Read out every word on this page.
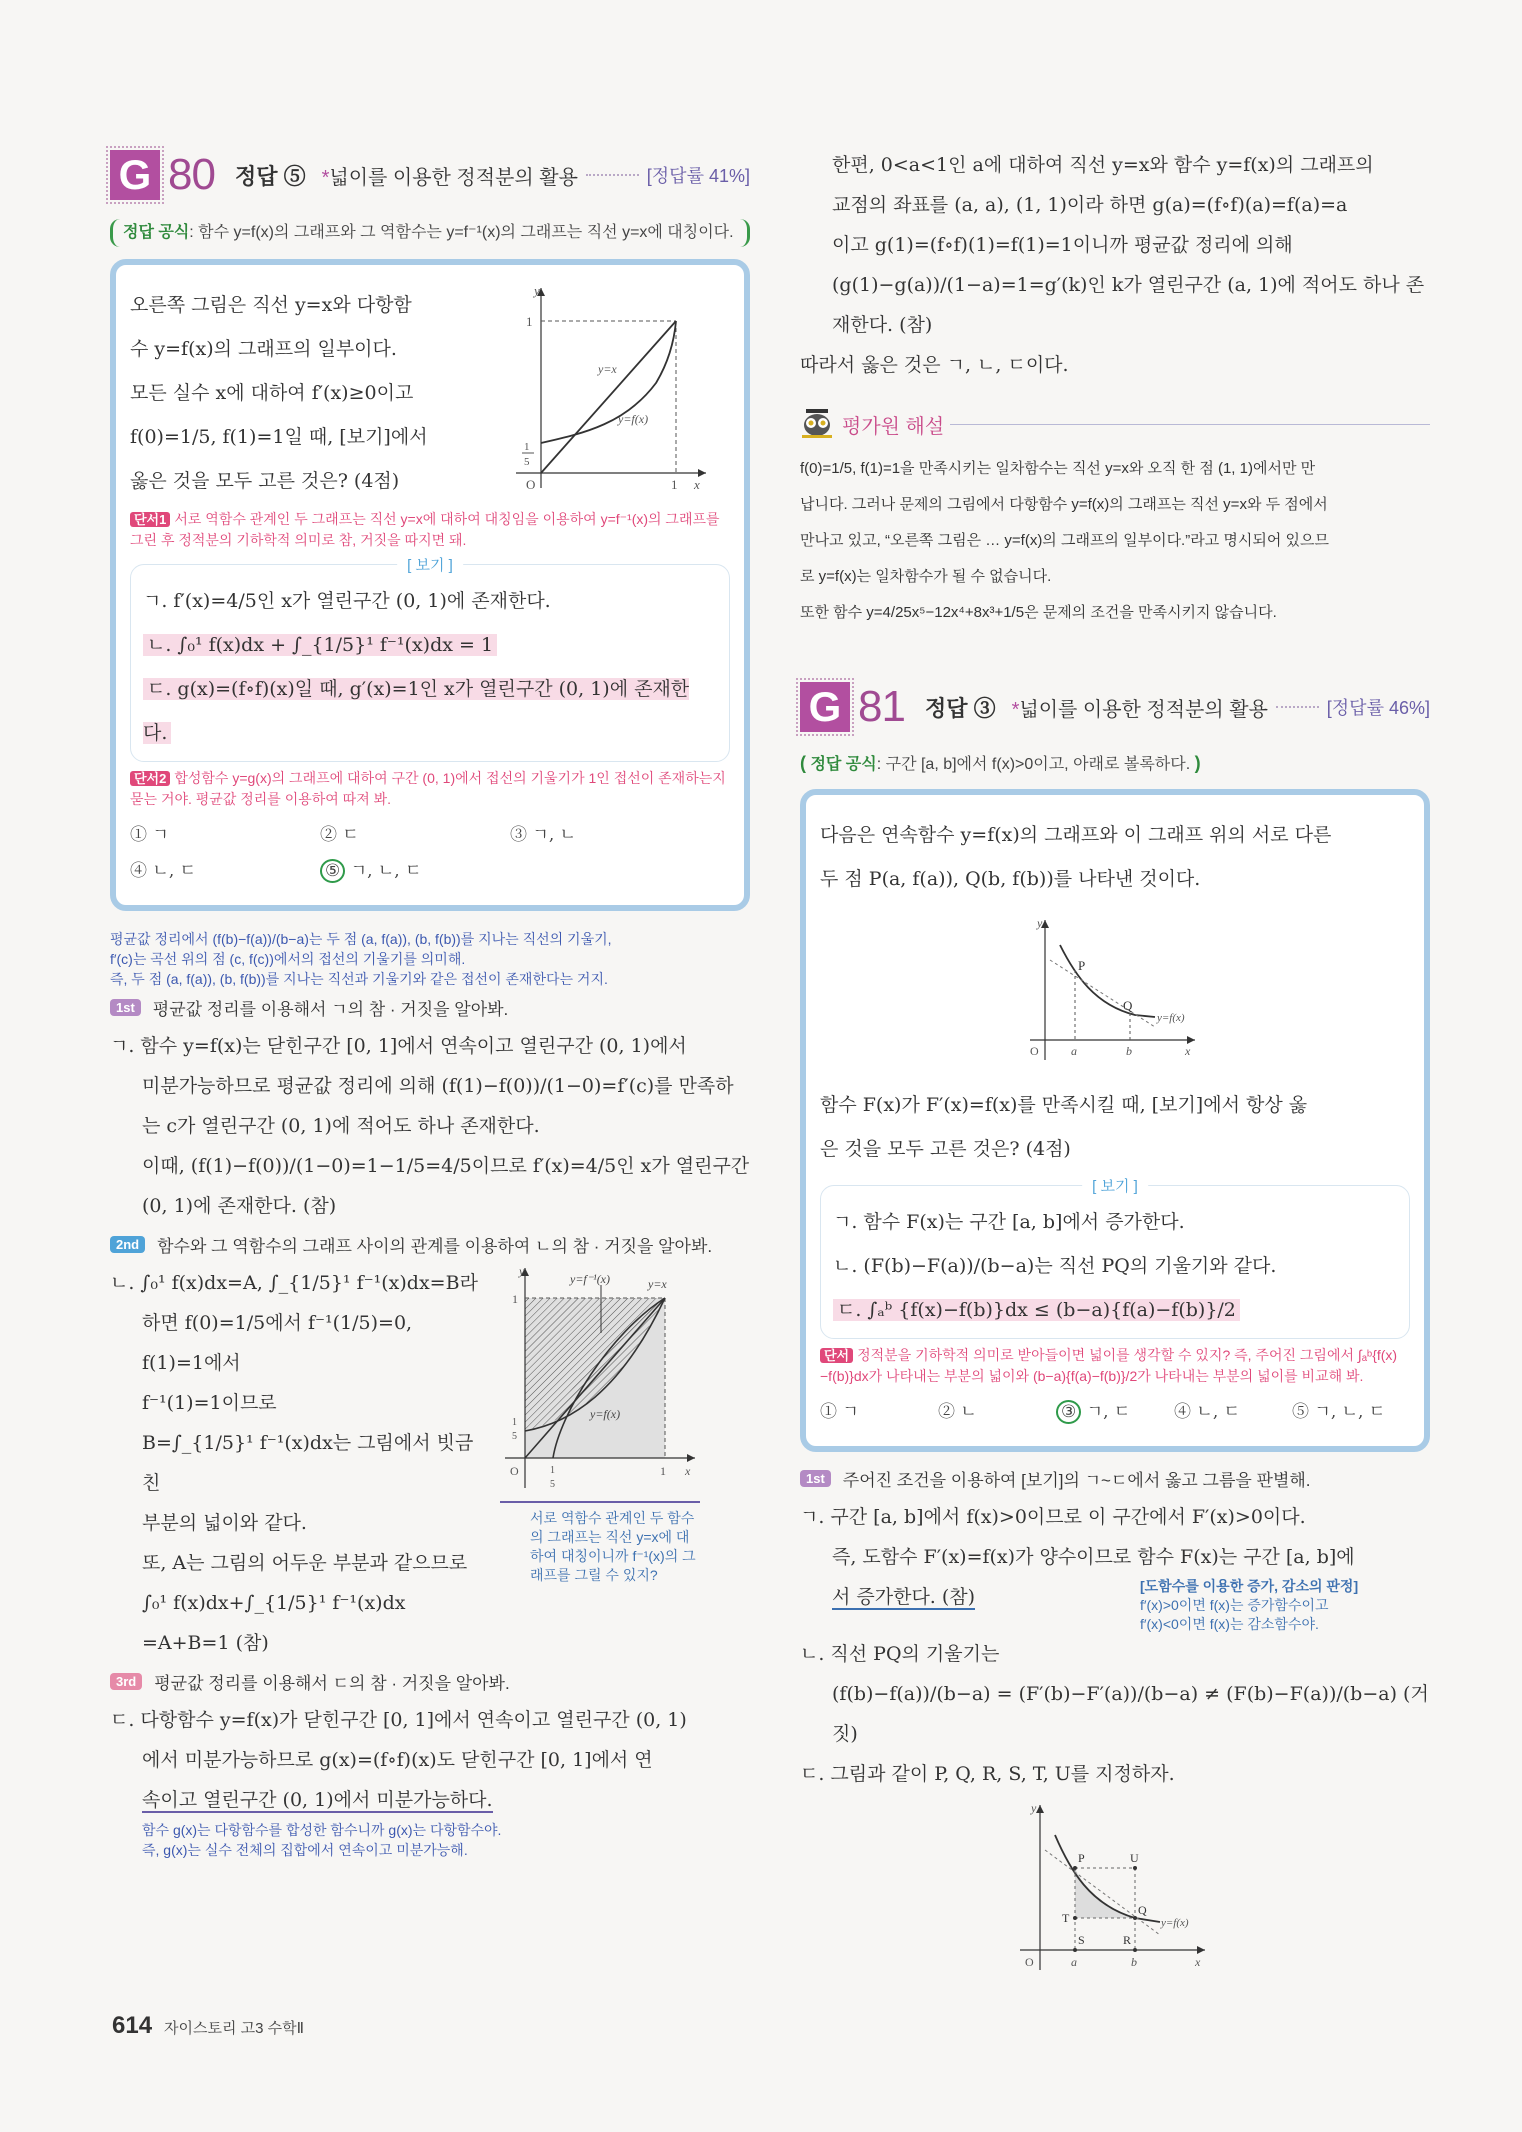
G 80 정답 ⑤ *넓이를 이용한 정적분의 활용	[정답률 41%]
정답 공식: 함수 y=f(x)의 그래프와 그 역함수는 y=f⁻¹(x)의 그래프는 직선 y=x에 대칭이다.
오른쪽 그림은 직선 y=x와 다항함
수 y=f(x)의 그래프의 일부이다.
모든 실수 x에 대하여 f′(x)≥0이고
f(0)=1/5, f(1)=1일 때, [보기]에서
옳은 것을 모두 고른 것은? (4점)
y
x
O
1
1
1
5
y=x
y=f(x)
단서1 서로 역함수 관계인 두 그래프는 직선 y=x에 대하여 대칭임을 이용하여 y=f⁻¹(x)의 그래프를 그린 후 정적분의 기하학적 의미로 참, 거짓을 따지면 돼.
[ 보기 ]
ㄱ. f′(x)=4/5인 x가 열린구간 (0, 1)에 존재한다.
ㄴ. ∫₀¹ f(x)dx + ∫_{1/5}¹ f⁻¹(x)dx = 1
ㄷ. g(x)=(f∘f)(x)일 때, g′(x)=1인 x가 열린구간 (0, 1)에 존재한다.
단서2 합성함수 y=g(x)의 그래프에 대하여 구간 (0, 1)에서 접선의 기울기가 1인 접선이 존재하는지 묻는 거야. 평균값 정리를 이용하여 따져 봐.
① ㄱ	② ㄷ	③ ㄱ, ㄴ
④ ㄴ, ㄷ	⑤ ㄱ, ㄴ, ㄷ
평균값 정리에서 (f(b)−f(a))/(b−a)는 두 점 (a, f(a)), (b, f(b))를 지나는 직선의 기울기,
f′(c)는 곡선 위의 점 (c, f(c))에서의 접선의 기울기를 의미해.
즉, 두 점 (a, f(a)), (b, f(b))를 지나는 직선과 기울기와 같은 접선이 존재한다는 거지.
1st	평균값 정리를 이용해서 ㄱ의 참 · 거짓을 알아봐.
ㄱ. 함수 y=f(x)는 닫힌구간 [0, 1]에서 연속이고 열린구간 (0, 1)에서
미분가능하므로 평균값 정리에 의해 (f(1)−f(0))/(1−0)=f′(c)를 만족하
는 c가 열린구간 (0, 1)에 적어도 하나 존재한다.
이때, (f(1)−f(0))/(1−0)=1−1/5=4/5이므로 f′(x)=4/5인 x가 열린구간
(0, 1)에 존재한다. (참)
2nd	함수와 그 역함수의 그래프 사이의 관계를 이용하여 ㄴ의 참 · 거짓을 알아봐.
ㄴ. ∫₀¹ f(x)dx=A, ∫_{1/5}¹ f⁻¹(x)dx=B라
하면 f(0)=1/5에서 f⁻¹(1/5)=0,
f(1)=1에서
f⁻¹(1)=1이므로
B=∫_{1/5}¹ f⁻¹(x)dx는 그림에서 빗금친
부분의 넓이와 같다.
또, A는 그림의 어두운 부분과 같으므로
∫₀¹ f(x)dx+∫_{1/5}¹ f⁻¹(x)dx
=A+B=1 (참)
y
x
O
1
1
y=f⁻¹(x)	y=x
y=f(x)
1
5
1
5
서로 역함수 관계인 두 함수의 그래프는 직선 y=x에 대하여 대칭이니까 f⁻¹(x)의 그래프를 그릴 수 있지?
3rd	평균값 정리를 이용해서 ㄷ의 참 · 거짓을 알아봐.
ㄷ. 다항함수 y=f(x)가 닫힌구간 [0, 1]에서 연속이고 열린구간 (0, 1)
에서 미분가능하므로 g(x)=(f∘f)(x)도 닫힌구간 [0, 1]에서 연
속이고 열린구간 (0, 1)에서 미분가능하다.
함수 g(x)는 다항함수를 합성한 함수니까 g(x)는 다항함수야.
즉, g(x)는 실수 전체의 집합에서 연속이고 미분가능해.
한편, 0<a<1인 a에 대하여 직선 y=x와 함수 y=f(x)의 그래프의
교점의 좌표를 (a, a), (1, 1)이라 하면 g(a)=(f∘f)(a)=f(a)=a
이고 g(1)=(f∘f)(1)=f(1)=1이니까 평균값 정리에 의해
(g(1)−g(a))/(1−a)=1=g′(k)인 k가 열린구간 (a, 1)에 적어도 하나 존
재한다. (참)
따라서 옳은 것은 ㄱ, ㄴ, ㄷ이다.
평가원 해설
f(0)=1/5, f(1)=1을 만족시키는 일차함수는 직선 y=x와 오직 한 점 (1, 1)에서만 만
납니다. 그러나 문제의 그림에서 다항함수 y=f(x)의 그래프는 직선 y=x와 두 점에서
만나고 있고, “오른쪽 그림은 … y=f(x)의 그래프의 일부이다.”라고 명시되어 있으므
로 y=f(x)는 일차함수가 될 수 없습니다.
또한 함수 y=4/25x⁵−12x⁴+8x³+1/5은 문제의 조건을 만족시키지 않습니다.
G 81 정답 ③ *넓이를 이용한 정적분의 활용	[정답률 46%]
( 정답 공식: 구간 [a, b]에서 f(x)>0이고, 아래로 볼록하다. )
다음은 연속함수 y=f(x)의 그래프와 이 그래프 위의 서로 다른
두 점 P(a, f(a)), Q(b, f(b))를 나타낸 것이다.
y
x
O	a	b
P
Q
y=f(x)
함수 F(x)가 F′(x)=f(x)를 만족시킬 때, [보기]에서 항상 옳
은 것을 모두 고른 것은? (4점)
[ 보기 ]
ㄱ. 함수 F(x)는 구간 [a, b]에서 증가한다.
ㄴ. (F(b)−F(a))/(b−a)는 직선 PQ의 기울기와 같다.
ㄷ. ∫ₐᵇ {f(x)−f(b)}dx ≤ (b−a){f(a)−f(b)}/2
단서 정적분을 기하학적 의미로 받아들이면 넓이를 생각할 수 있지? 즉, 주어진 그림에서 ∫ₐᵇ{f(x)−f(b)}dx가 나타내는 부분의 넓이와 (b−a){f(a)−f(b)}/2가 나타내는 부분의 넓이를 비교해 봐.
① ㄱ	② ㄴ	③ ㄱ, ㄷ	④ ㄴ, ㄷ	⑤ ㄱ, ㄴ, ㄷ
1st	주어진 조건을 이용하여 [보기]의 ㄱ~ㄷ에서 옳고 그름을 판별해.
ㄱ. 구간 [a, b]에서 f(x)>0이므로 이 구간에서 F′(x)>0이다.
즉, 도함수 F′(x)=f(x)가 양수이므로 함수 F(x)는 구간 [a, b]에
서 증가한다. (참)	[도함수를 이용한 증가, 감소의 판정]
f′(x)>0이면 f(x)는 증가함수이고
f′(x)<0이면 f(x)는 감소함수야.
ㄴ. 직선 PQ의 기울기는
(f(b)−f(a))/(b−a) = (F′(b)−F′(a))/(b−a) ≠ (F(b)−F(a))/(b−a) (거짓)
ㄷ. 그림과 같이 P, Q, R, S, T, U를 지정하자.
y
x
O	a	b
P	U
Q
T
S	R
y=f(x)
614 자이스토리 고3 수학Ⅱ
